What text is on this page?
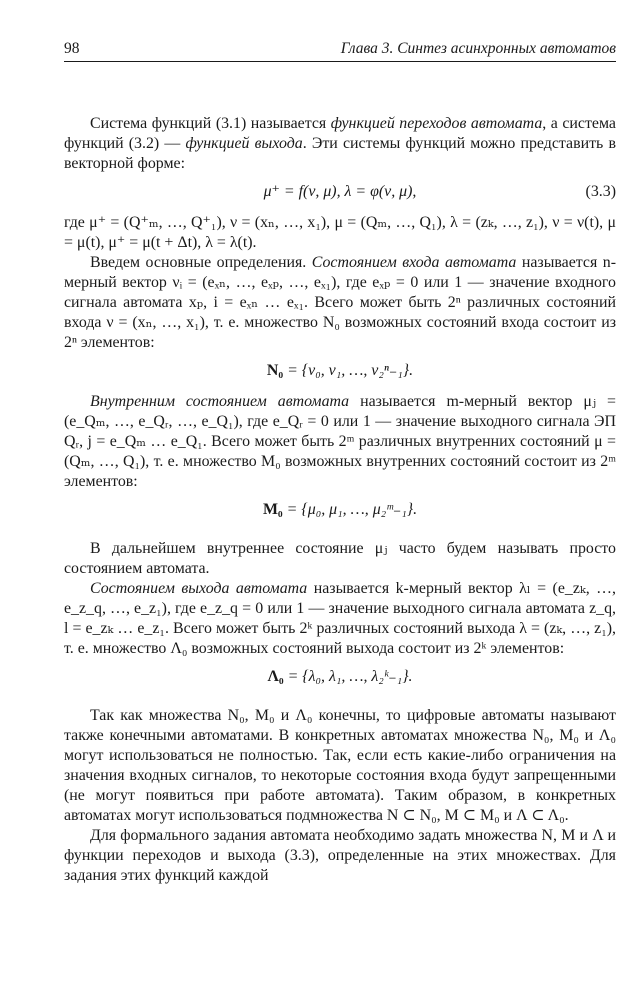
98	Глава 3. Синтез асинхронных автоматов

Система функций (3.1) называется функцией переходов автомата, а система функций (3.2) — функцией выхода. Эти системы функций можно представить в векторной форме:

μ⁺ = f(ν, μ), λ = φ(ν, μ),	(3.3)

где μ⁺ = (Q⁺ₘ, …, Q⁺₁), ν = (xₙ, …, x₁), μ = (Qₘ, …, Q₁), λ = (zₖ, …, z₁), ν = ν(t), μ = μ(t), μ⁺ = μ(t + Δt), λ = λ(t).

Введем основные определения. Состоянием входа автомата называется n-мерный вектор νᵢ = (eₓₙ, …, eₓₚ, …, eₓ₁), где eₓₚ = 0 или 1 — значение входного сигнала автомата xₚ, i = eₓₙ … eₓ₁. Всего может быть 2ⁿ различных состояний входа ν = (xₙ, …, x₁), т. е. множество N₀ возможных состояний входа состоит из 2ⁿ элементов:

N₀ = {ν₀, ν₁, …, ν₂ⁿ₋₁}.

Внутренним состоянием автомата называется m-мерный вектор μⱼ = (e_Qₘ, …, e_Qᵣ, …, e_Q₁), где e_Qᵣ = 0 или 1 — значение выходного сигнала ЭП Qᵣ, j = e_Qₘ … e_Q₁. Всего может быть 2ᵐ различных внутренних состояний μ = (Qₘ, …, Q₁), т. е. множество M₀ возможных внутренних состояний состоит из 2ᵐ элементов:

M₀ = {μ₀, μ₁, …, μ₂ᵐ₋₁}.

В дальнейшем внутреннее состояние μⱼ часто будем называть просто состоянием автомата.

Состоянием выхода автомата называется k-мерный вектор λₗ = (e_zₖ, …, e_z_q, …, e_z₁), где e_z_q = 0 или 1 — значение выходного сигнала автомата z_q, l = e_zₖ … e_z₁. Всего может быть 2ᵏ различных состояний выхода λ = (zₖ, …, z₁), т. е. множество Λ₀ возможных состояний выхода состоит из 2ᵏ элементов:

Λ₀ = {λ₀, λ₁, …, λ₂ᵏ₋₁}.

Так как множества N₀, M₀ и Λ₀ конечны, то цифровые автоматы называют также конечными автоматами. В конкретных автоматах множества N₀, M₀ и Λ₀ могут использоваться не полностью. Так, если есть какие-либо ограничения на значения входных сигналов, то некоторые состояния входа будут запрещенными (не могут появиться при работе автомата). Таким образом, в конкретных автоматах могут использоваться подмножества N ⊂ N₀, M ⊂ M₀ и Λ ⊂ Λ₀.

Для формального задания автомата необходимо задать множества N, M и Λ и функции переходов и выхода (3.3), определенные на этих множествах. Для задания этих функций каждой
